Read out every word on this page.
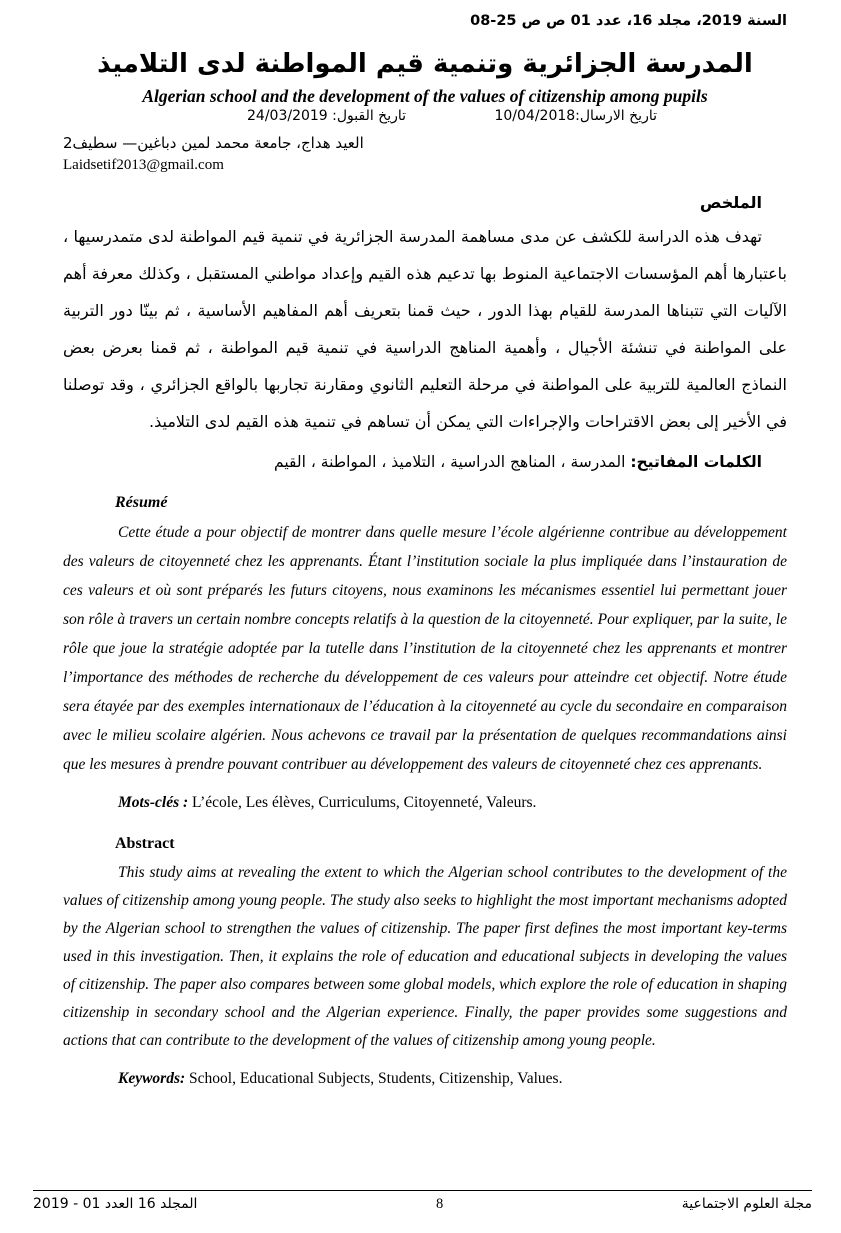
السنة 2019، مجلد 16، عدد 01 ص ص 25-08
المدرسة الجزائرية وتنمية قيم المواطنة لدى التلاميذ
Algerian school and the development of the values of citizenship among pupils
تاريخ الارسال:10/04/2018
تاريخ القبول: 24/03/2019
العيد هداج، جامعة محمد لمين دباغين— سطيف2
Laidsetif2013@gmail.com
الملخص
تهدف هذه الدراسة للكشف عن مدى مساهمة المدرسة الجزائرية في تنمية قيم المواطنة لدى متمدرسيها ، باعتبارها أهم المؤسسات الاجتماعية المنوط بها تدعيم هذه القيم وإعداد مواطني المستقبل ، وكذلك معرفة أهم الآليات التي تتبناها المدرسة للقيام بهذا الدور ، حيث قمنا بتعريف أهم المفاهيم الأساسية ، ثم بينّا دور التربية على المواطنة في تنشئة الأجيال ، وأهمية المناهج الدراسية في تنمية قيم المواطنة ، ثم قمنا بعرض بعض النماذج العالمية للتربية على المواطنة في مرحلة التعليم الثانوي ومقارنة تجاربها بالواقع الجزائري ، وقد توصلنا في الأخير إلى بعض الاقتراحات والإجراءات التي يمكن أن تساهم في تنمية هذه القيم لدى التلاميذ.
الكلمات المفاتيح: المدرسة ، المناهج الدراسية ، التلاميذ ، المواطنة ، القيم
Résumé
Cette étude a pour objectif de montrer dans quelle mesure l’école algérienne contribue au développement des valeurs de citoyenneté chez les apprenants. Étant l’institution sociale la plus impliquée dans l’instauration de ces valeurs et où sont préparés les futurs citoyens, nous examinons les mécanismes essentiel lui permettant jouer son rôle à travers un certain nombre concepts relatifs à la question de la citoyenneté. Pour expliquer, par la suite, le rôle que joue la stratégie adoptée par la tutelle dans l’institution de la citoyenneté chez les apprenants et montrer l’importance des méthodes de recherche du développement de ces valeurs pour atteindre cet objectif. Notre étude sera étayée par des exemples internationaux de l’éducation à la citoyenneté au cycle du secondaire en comparaison avec le milieu scolaire algérien. Nous achevons ce travail par la présentation de quelques recommandations ainsi que les mesures à prendre pouvant contribuer au développement des valeurs de citoyenneté chez ces apprenants.
Mots-clés : L’école, Les élèves, Curriculums, Citoyenneté, Valeurs.
Abstract
This study aims at revealing the extent to which the Algerian school contributes to the development of the values of citizenship among young people. The study also seeks to highlight the most important mechanisms adopted by the Algerian school to strengthen the values of citizenship. The paper first defines the most important key-terms used in this investigation. Then, it explains the role of education and educational subjects in developing the values of citizenship. The paper also compares between some global models, which explore the role of education in shaping citizenship in secondary school and the Algerian experience. Finally, the paper provides some suggestions and actions that can contribute to the development of the values of citizenship among young people.
Keywords: School, Educational Subjects, Students, Citizenship, Values.
المجلد 16 العدد 01 - 2019	8	مجلة العلوم الاجتماعية
